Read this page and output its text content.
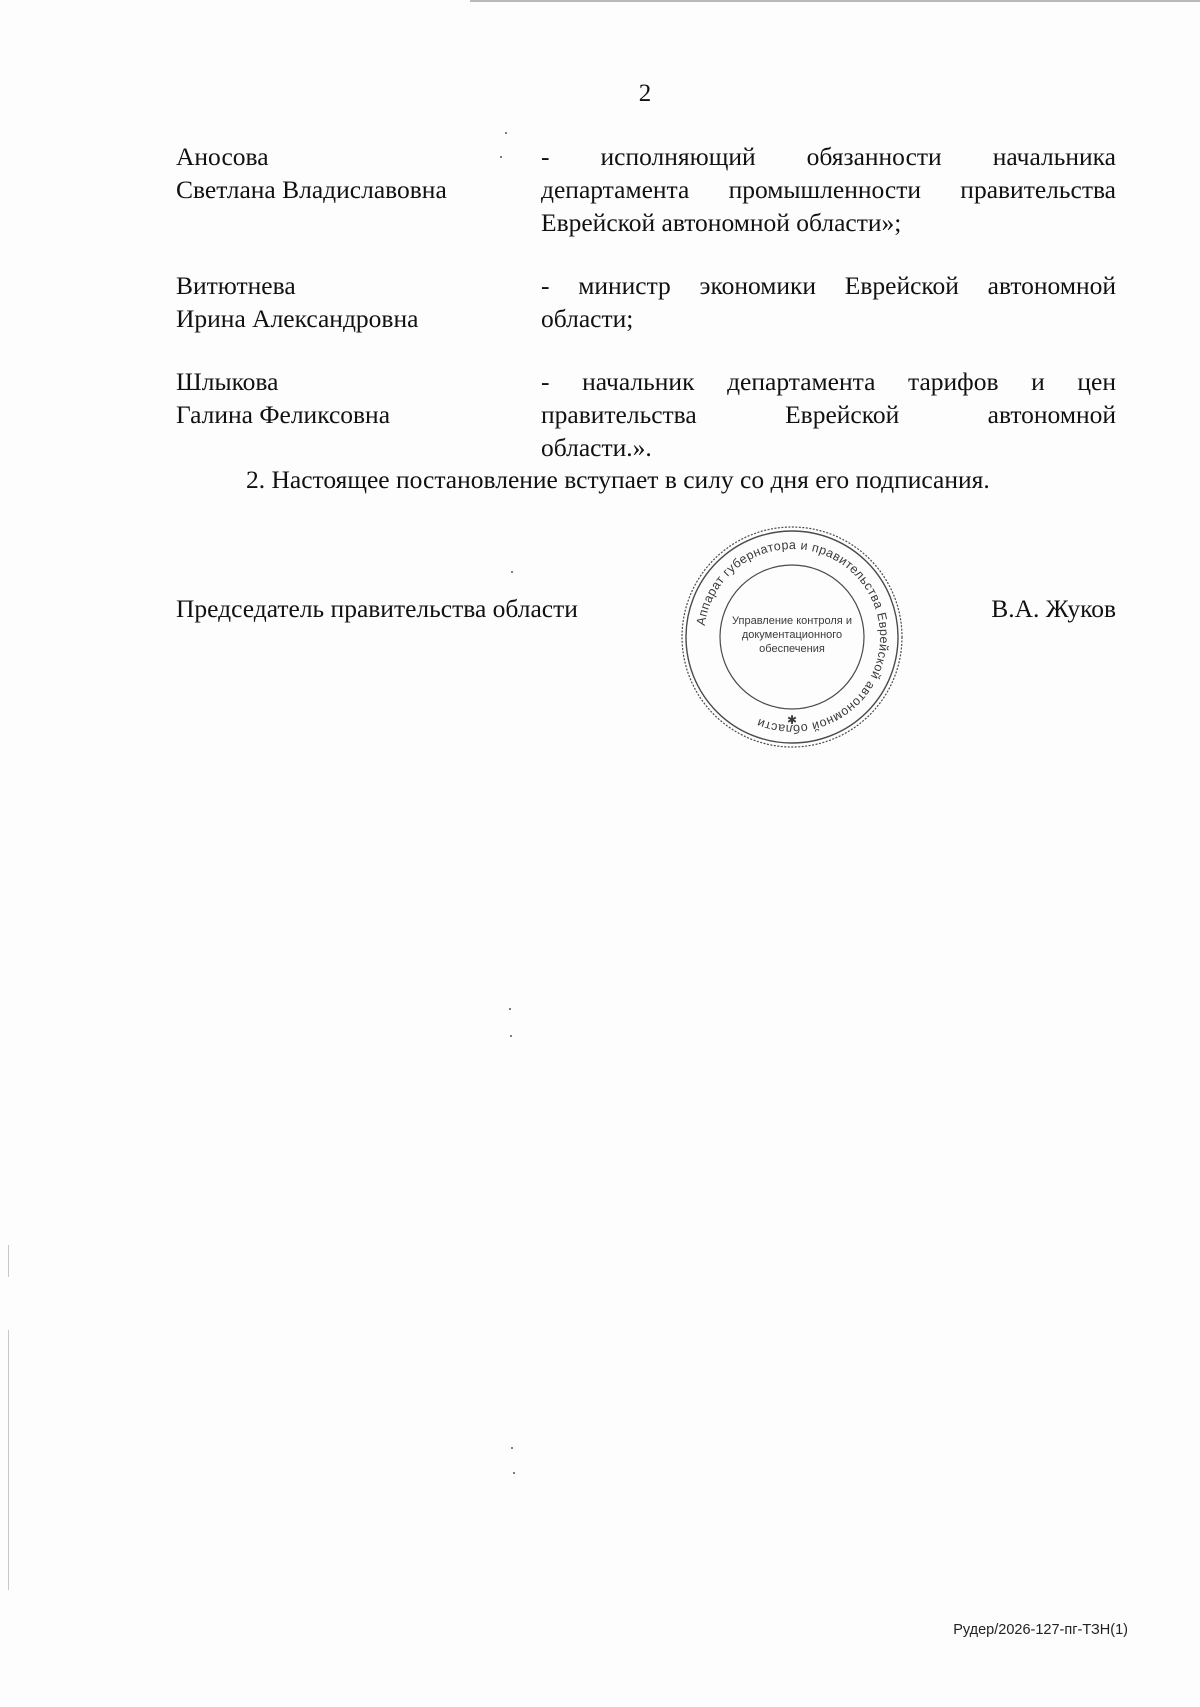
2
Аносова
Светлана Владиславовна
- исполняющий обязанности начальника
департамента промышленности правительства
Еврейской автономной области»;
Витютнева
Ирина Александровна
- министр экономики Еврейской автономной
области;
Шлыкова
Галина Феликсовна
- начальник департамента тарифов и цен
правительства Еврейской автономной
области.».
2. Настоящее постановление вступает в силу со дня его подписания.
Председатель правительства области	В.А. Жуков
Аппарат губернатора и правительства Еврейской автономной области
Управление контроля и
документационного
обеспечения
✱
Рудер/2026-127-пг-ТЗН(1)
